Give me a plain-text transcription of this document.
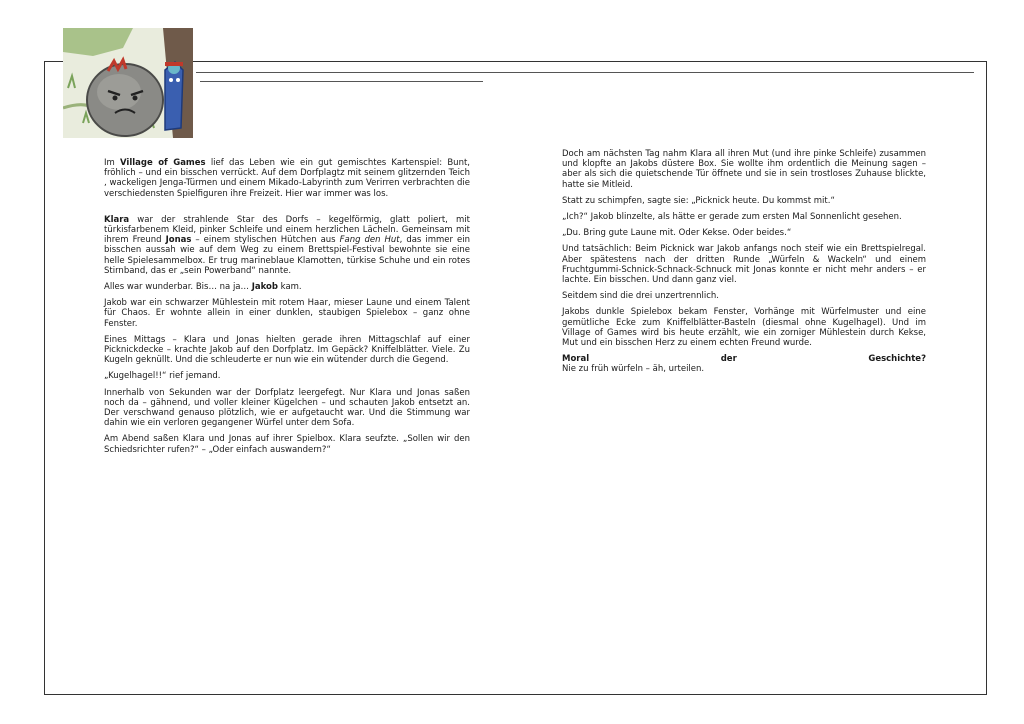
Im Village of Games lief das Leben wie ein gut gemischtes Kartenspiel: Bunt, fröhlich – und ein bisschen verrückt. Auf dem Dorfplagtz mit seinem glitzernden Teich , wackeligen Jenga-Türmen und einem Mikado-Labyrinth zum Verirren verbrachten die verschiedensten Spielfiguren ihre Freizeit. Hier war immer was los.

Klara war der strahlende Star des Dorfs – kegelförmig, glatt poliert, mit türkisfarbenem Kleid, pinker Schleife und einem herzlichen Lächeln. Gemeinsam mit ihrem Freund Jonas – einem stylischen Hütchen aus Fang den Hut, das immer ein bisschen aussah wie auf dem Weg zu einem Brettspiel-Festival bewohnte sie eine helle Spielesammelbox. Er trug marineblaue Klamotten, türkise Schuhe und ein rotes Stirnband, das er „sein Powerband“ nannte.

Alles war wunderbar. Bis… na ja… Jakob kam.

Jakob war ein schwarzer Mühlestein mit rotem Haar, mieser Laune und einem Talent für Chaos. Er wohnte allein in einer dunklen, staubigen Spielebox – ganz ohne Fenster.

Eines Mittags – Klara und Jonas hielten gerade ihren Mittagschlaf auf einer Picknickdecke – krachte Jakob auf den Dorfplatz. Im Gepäck? Kniffelblätter. Viele. Zu Kugeln geknüllt. Und die schleuderte er nun wie ein wütender durch die Gegend.

„Kugelhagel!!“ rief jemand.

Innerhalb von Sekunden war der Dorfplatz leergefegt. Nur Klara und Jonas saßen noch da – gähnend, und voller kleiner Kügelchen – und schauten Jakob entsetzt an. Der verschwand genauso plötzlich, wie er aufgetaucht war. Und die Stimmung war dahin wie ein verloren gegangener Würfel unter dem Sofa.

Am Abend saßen Klara und Jonas auf ihrer Spielbox. Klara seufzte. „Sollen wir den Schiedsrichter rufen?“ – „Oder einfach auswandern?“

Doch am nächsten Tag nahm Klara all ihren Mut (und ihre pinke Schleife) zusammen und klopfte an Jakobs düstere Box. Sie wollte ihm ordentlich die Meinung sagen – aber als sich die quietschende Tür öffnete und sie in sein trostloses Zuhause blickte, hatte sie Mitleid.

Statt zu schimpfen, sagte sie: „Picknick heute. Du kommst mit.“

„Ich?“ Jakob blinzelte, als hätte er gerade zum ersten Mal Sonnenlicht gesehen.

„Du. Bring gute Laune mit. Oder Kekse. Oder beides.“

Und tatsächlich: Beim Picknick war Jakob anfangs noch steif wie ein Brettspielregal. Aber spätestens nach der dritten Runde „Würfeln & Wackeln“ und einem Fruchtgummi-Schnick-Schnack-Schnuck mit Jonas konnte er nicht mehr anders – er lachte. Ein bisschen. Und dann ganz viel.

Seitdem sind die drei unzertrennlich.

Jakobs dunkle Spielebox bekam Fenster, Vorhänge mit Würfelmuster und eine gemütliche Ecke zum Kniffelblätter-Basteln (diesmal ohne Kugelhagel). Und im Village of Games wird bis heute erzählt, wie ein zorniger Mühlestein durch Kekse, Mut und ein bisschen Herz zu einem echten Freund wurde.

Moral	der	Geschichte?
Nie zu früh würfeln – äh, urteilen.
